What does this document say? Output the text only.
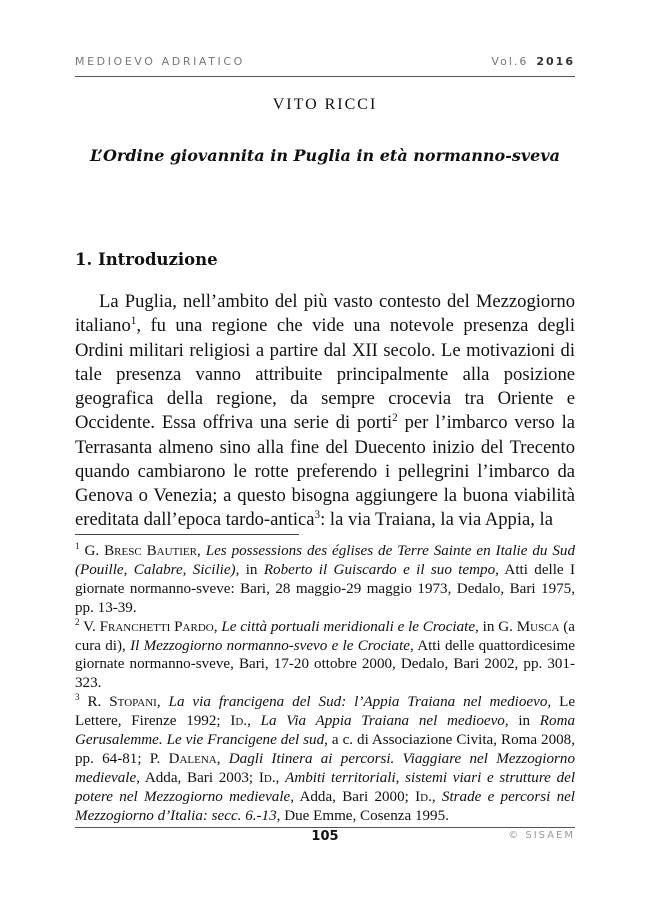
MEDIOEVO ADRIATICO	Vol.6 2016
VITO RICCI
L’Ordine giovannita in Puglia in età normanno-sveva
1. Introduzione
La Puglia, nell’ambito del più vasto contesto del Mezzogiorno italiano$^1$, fu una regione che vide una notevole presenza degli Ordini militari religiosi a partire dal XII secolo. Le motivazioni di tale presenza vanno attribuite principalmente alla posizione geografica della regione, da sempre crocevia tra Oriente e Occidente. Essa offriva una serie di porti$^2$ per l’imbarco verso la Terrasanta almeno sino alla fine del Duecento inizio del Trecento quando cambiarono le rotte preferendo i pellegrini l’imbarco da Genova o Venezia; a questo bisogna aggiungere la buona viabilità ereditata dall’epoca tardo-antica$^3$: la via Traiana, la via Appia, la

$^1$ G. Bresc Bautier, Les possessions des églises de Terre Sainte en Italie du Sud (Pouille, Calabre, Sicilie), in Roberto il Guiscardo e il suo tempo, Atti delle I giornate normanno-sveve: Bari, 28 maggio-29 maggio 1973, Dedalo, Bari 1975, pp. 13-39.

$^2$ V. Franchetti Pardo, Le città portuali meridionali e le Crociate, in G. Musca (a cura di), Il Mezzogiorno normanno-svevo e le Crociate, Atti delle quattordicesime giornate normanno-sveve, Bari, 17-20 ottobre 2000, Dedalo, Bari 2002, pp. 301-323.

$^3$ R. Stopani, La via francigena del Sud: l’Appia Traiana nel medioevo, Le Lettere, Firenze 1992; Id., La Via Appia Traiana nel medioevo, in Roma Gerusalemme. Le vie Francigene del sud, a c. di Associazione Civita, Roma 2008, pp. 64-81; P. Dalena, Dagli Itinera ai percorsi. Viaggiare nel Mezzogiorno medievale, Adda, Bari 2003; Id., Ambiti territoriali, sistemi viari e strutture del potere nel Mezzogiorno medievale, Adda, Bari 2000; Id., Strade e percorsi nel Mezzogiorno d’Italia: secc. 6.-13, Due Emme, Cosenza 1995.

105	© SISAEM
